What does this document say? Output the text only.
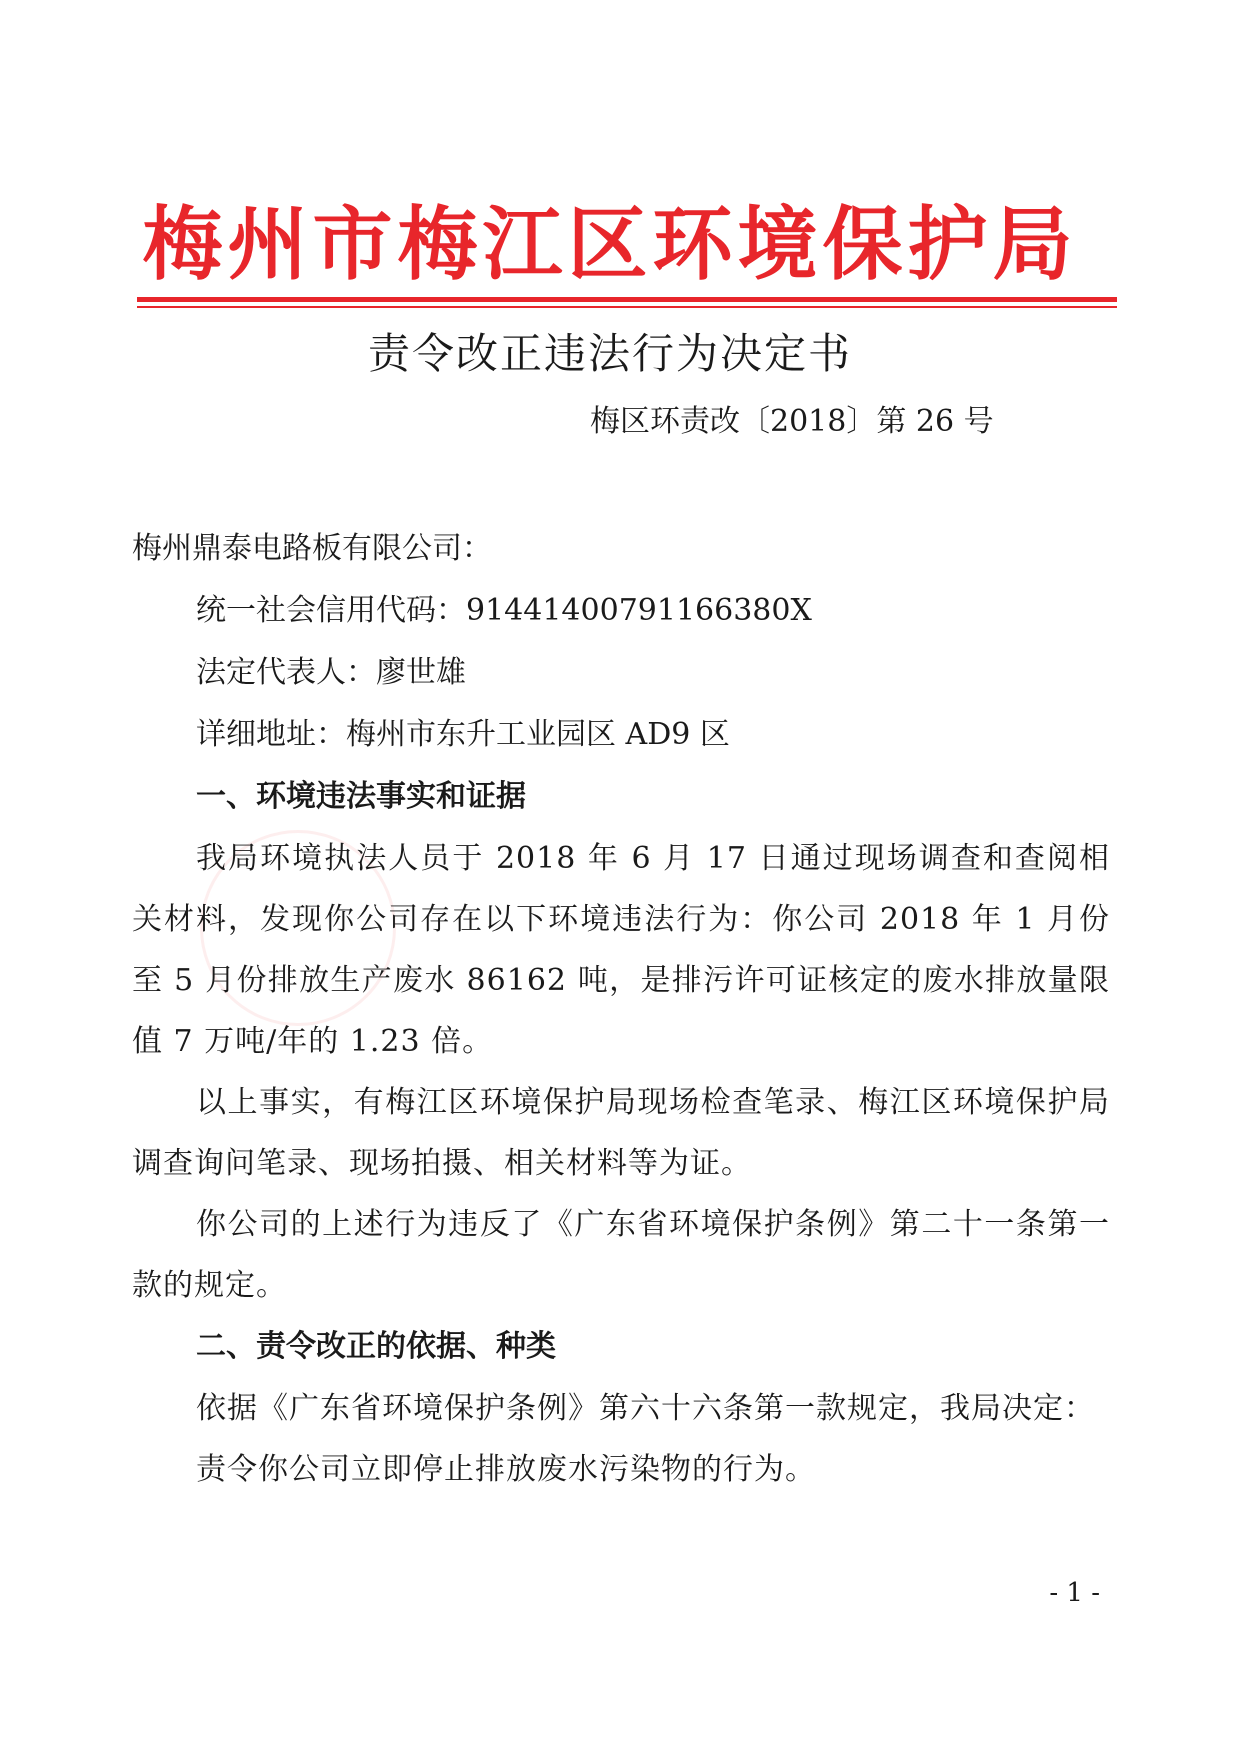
梅州市梅江区环境保护局
责令改正违法行为决定书
梅区环责改〔2018〕第 26 号
梅州鼎泰电路板有限公司：
统一社会信用代码：91441400791166380X
法定代表人：廖世雄
详细地址：梅州市东升工业园区 AD9 区
一、环境违法事实和证据

我局环境执法人员于 2018 年 6 月 17 日通过现场调查和查阅相关材料，发现你公司存在以下环境违法行为：你公司 2018 年 1 月份至 5 月份排放生产废水 86162 吨，是排污许可证核定的废水排放量限值 7 万吨/年的 1.23 倍。

以上事实，有梅江区环境保护局现场检查笔录、梅江区环境保护局调查询问笔录、现场拍摄、相关材料等为证。

你公司的上述行为违反了《广东省环境保护条例》第二十一条第一款的规定。

二、责令改正的依据、种类

依据《广东省环境保护条例》第六十六条第一款规定，我局决定：

责令你公司立即停止排放废水污染物的行为。

- 1 -
